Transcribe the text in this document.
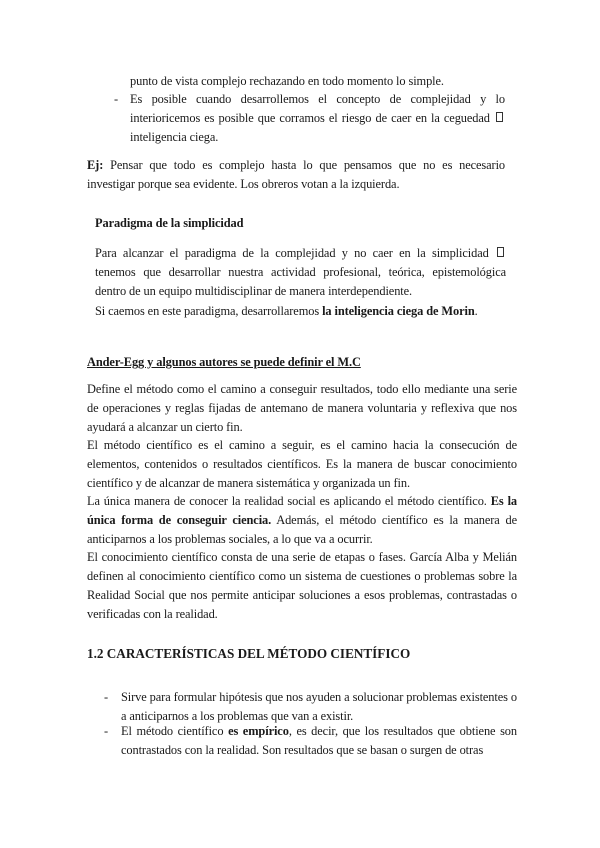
punto de vista complejo rechazando en todo momento lo simple.

- Es posible cuando desarrollemos el concepto de complejidad y lo interioricemos es posible que corramos el riesgo de caer en la ceguedad  inteligencia ciega.

Ej: Pensar que todo es complejo hasta lo que pensamos que no es necesario investigar porque sea evidente. Los obreros votan a la izquierda.

Paradigma de la simplicidad

Para alcanzar el paradigma de la complejidad y no caer en la simplicidad  tenemos que desarrollar nuestra actividad profesional, teórica, epistemológica dentro de un equipo multidisciplinar de manera interdependiente.

Si caemos en este paradigma, desarrollaremos la inteligencia ciega de Morin.

Ander-Egg y algunos autores se puede definir el M.C

Define el método como el camino a conseguir resultados, todo ello mediante una serie de operaciones y reglas fijadas de antemano de manera voluntaria y reflexiva que nos ayudará a alcanzar un cierto fin.

El método científico es el camino a seguir, es el camino hacia la consecución de elementos, contenidos o resultados científicos. Es la manera de buscar conocimiento científico y de alcanzar de manera sistemática y organizada un fin.

La única manera de conocer la realidad social es aplicando el método científico. Es la única forma de conseguir ciencia. Además, el método científico es la manera de anticiparnos a los problemas sociales, a lo que va a ocurrir.

El conocimiento científico consta de una serie de etapas o fases. García Alba y Melián definen al conocimiento científico como un sistema de cuestiones o problemas sobre la Realidad Social que nos permite anticipar soluciones a esos problemas, contrastadas o verificadas con la realidad.

1.2 CARACTERÍSTICAS DEL MÉTODO CIENTÍFICO

- Sirve para formular hipótesis que nos ayuden a solucionar problemas existentes o a anticiparnos a los problemas que van a existir.

- El método científico es empírico, es decir, que los resultados que obtiene son contrastados con la realidad. Son resultados que se basan o surgen de otras
